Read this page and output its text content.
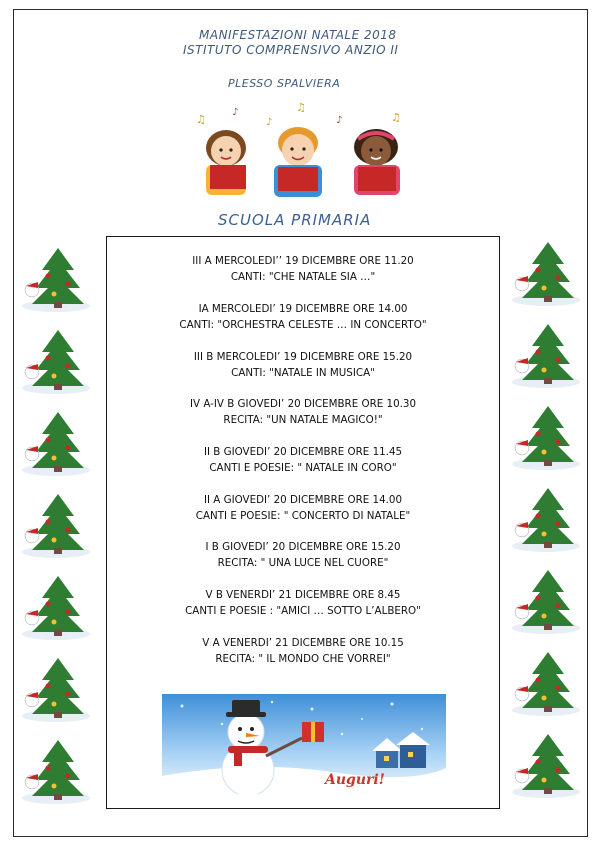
MANIFESTAZIONI NATALE 2018
ISTITUTO COMPRENSIVO ANZIO II
PLESSO SPALVIERA
♫
♪
♪
♫
♪	♫
SCUOLA PRIMARIA
III A MERCOLEDI’’ 19 DICEMBRE ORE 11.20
CANTI: "CHE NATALE SIA …"
IA MERCOLEDI’ 19 DICEMBRE ORE 14.00
CANTI: "ORCHESTRA CELESTE … IN CONCERTO"
III B MERCOLEDI’ 19 DICEMBRE ORE 15.20
CANTI: "NATALE IN MUSICA"
IV A-IV B GIOVEDI’ 20 DICEMBRE ORE 10.30
RECITA: "UN NATALE MAGICO!"
II B GIOVEDI’ 20 DICEMBRE ORE 11.45
CANTI E POESIE: " NATALE IN CORO"
II A GIOVEDI’ 20 DICEMBRE ORE 14.00
CANTI E POESIE: " CONCERTO DI NATALE"
I B GIOVEDI’ 20 DICEMBRE ORE 15.20
RECITA: " UNA LUCE NEL CUORE"
V B VENERDI’ 21 DICEMBRE ORE 8.45
CANTI E POESIE : "AMICI … SOTTO L’ALBERO"
V A VENERDI’ 21 DICEMBRE ORE 10.15
RECITA: " IL MONDO CHE VORREI"
Auguri!
